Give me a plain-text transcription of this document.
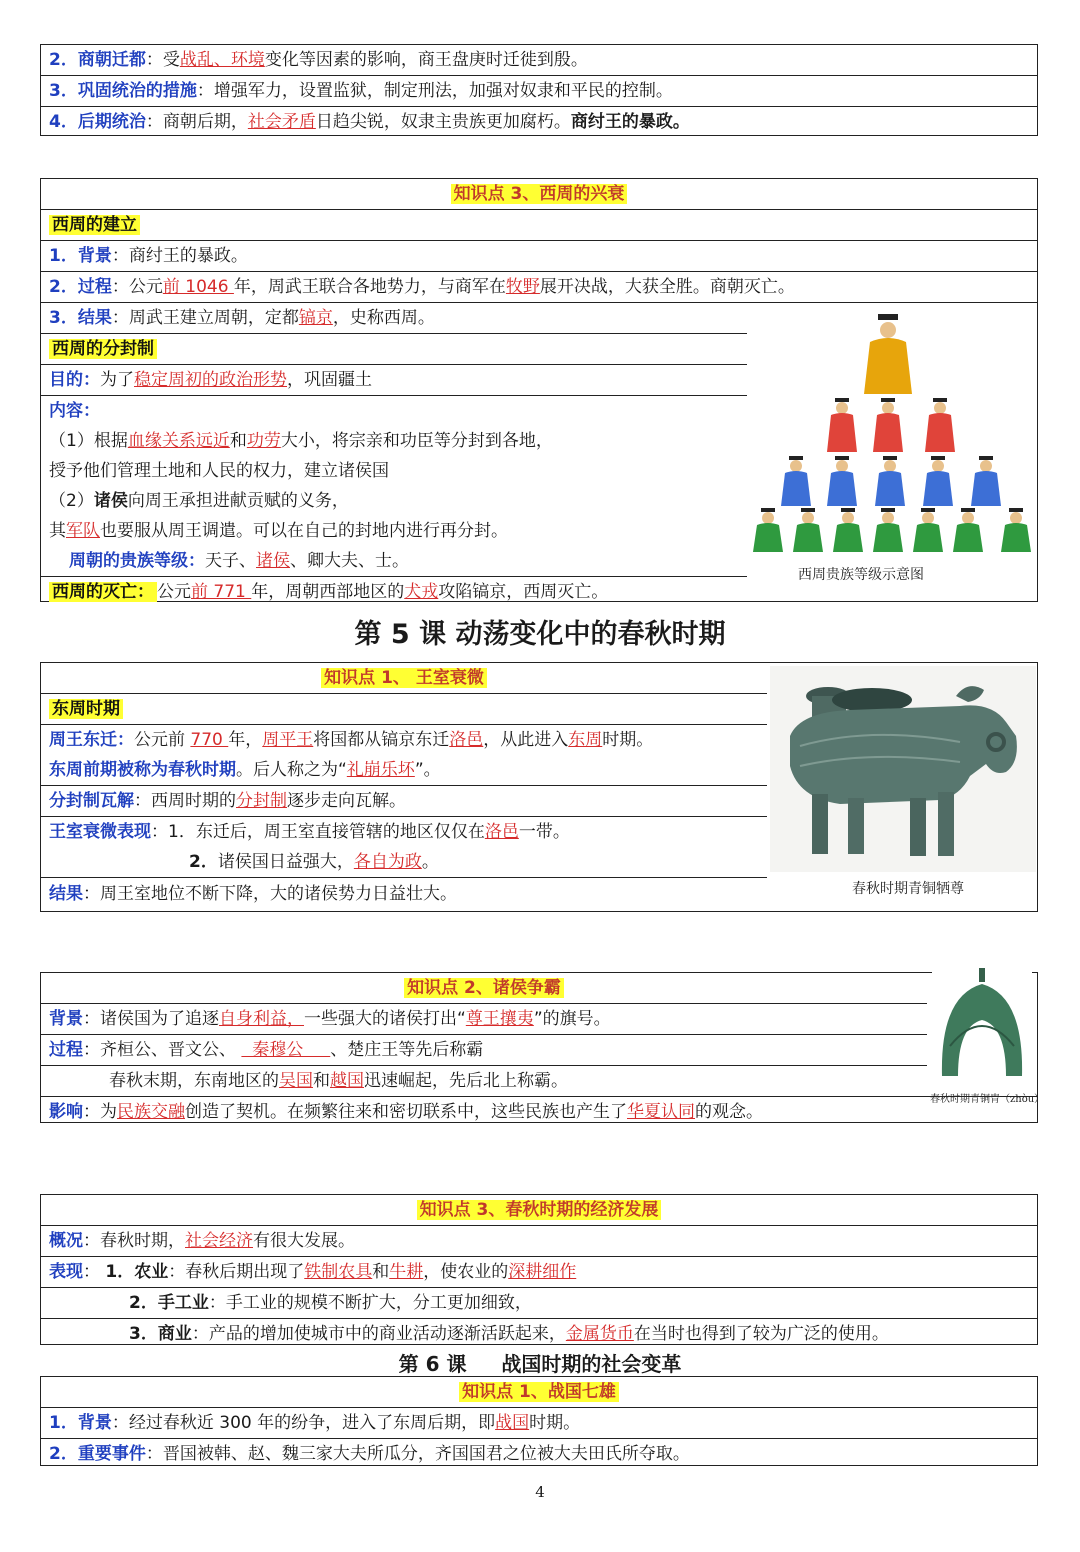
2．商朝迁都：受战乱、环境变化等因素的影响，商王盘庚时迁徙到殷。
3．巩固统治的措施：增强军力，设置监狱，制定刑法，加强对奴隶和平民的控制。
4．后期统治：商朝后期，社会矛盾日趋尖锐，奴隶主贵族更加腐朽。商纣王的暴政。
知识点 3、西周的兴衰
西周的建立
1．背景：商纣王的暴政。
2．过程：公元前 1046 年，周武王联合各地势力，与商军在牧野展开决战，大获全胜。商朝灭亡。
3．结果：周武王建立周朝，定都镐京，史称西周。
西周的分封制
目的：为了稳定周初的政治形势，巩固疆土
内容：
（1）根据血缘关系远近和功劳大小，将宗亲和功臣等分封到各地，
授予他们管理土地和人民的权力，建立诸侯国
（2）诸侯向周王承担进献贡赋的义务，
其军队也要服从周王调遣。可以在自己的封地内进行再分封。
周朝的贵族等级：天子、诸侯、卿大夫、士。
西周的灭亡： 公元前 771 年，周朝西部地区的犬戎攻陷镐京，西周灭亡。
西周贵族等级示意图
第 5 课 动荡变化中的春秋时期
知识点 1、 王室衰微
东周时期
周王东迁：公元前 770 年，周平王将国都从镐京东迁洛邑，从此进入东周时期。
东周前期被称为春秋时期。后人称之为“礼崩乐坏”。
分封制瓦解：西周时期的分封制逐步走向瓦解。
王室衰微表现：1．东迁后，周王室直接管辖的地区仅仅在洛邑一带。
2．诸侯国日益强大，各自为政。
结果：周王室地位不断下降，大的诸侯势力日益壮大。	春秋时期青铜牺尊
知识点 2、诸侯争霸
背景：诸侯国为了追逐自身利益，一些强大的诸侯打出“尊王攘夷”的旗号。
过程：齐桓公、晋文公、   秦穆公     、楚庄王等先后称霸
春秋末期，东南地区的吴国和越国迅速崛起，先后北上称霸。
影响：为民族交融创造了契机。在频繁往来和密切联系中，这些民族也产生了华夏认同的观念。
春秋时期青铜胄（zhòu）
知识点 3、春秋时期的经济发展
概况：春秋时期，社会经济有很大发展。
表现： 1．农业：春秋后期出现了铁制农具和牛耕，使农业的深耕细作
2．手工业：手工业的规模不断扩大，分工更加细致，
3．商业：产品的增加使城市中的商业活动逐渐活跃起来，金属货币在当时也得到了较为广泛的使用。
第 6 课     战国时期的社会变革
知识点 1、战国七雄
1．背景：经过春秋近 300 年的纷争，进入了东周后期，即战国时期。
2．重要事件：晋国被韩、赵、魏三家大夫所瓜分，齐国国君之位被大夫田氏所夺取。
4
